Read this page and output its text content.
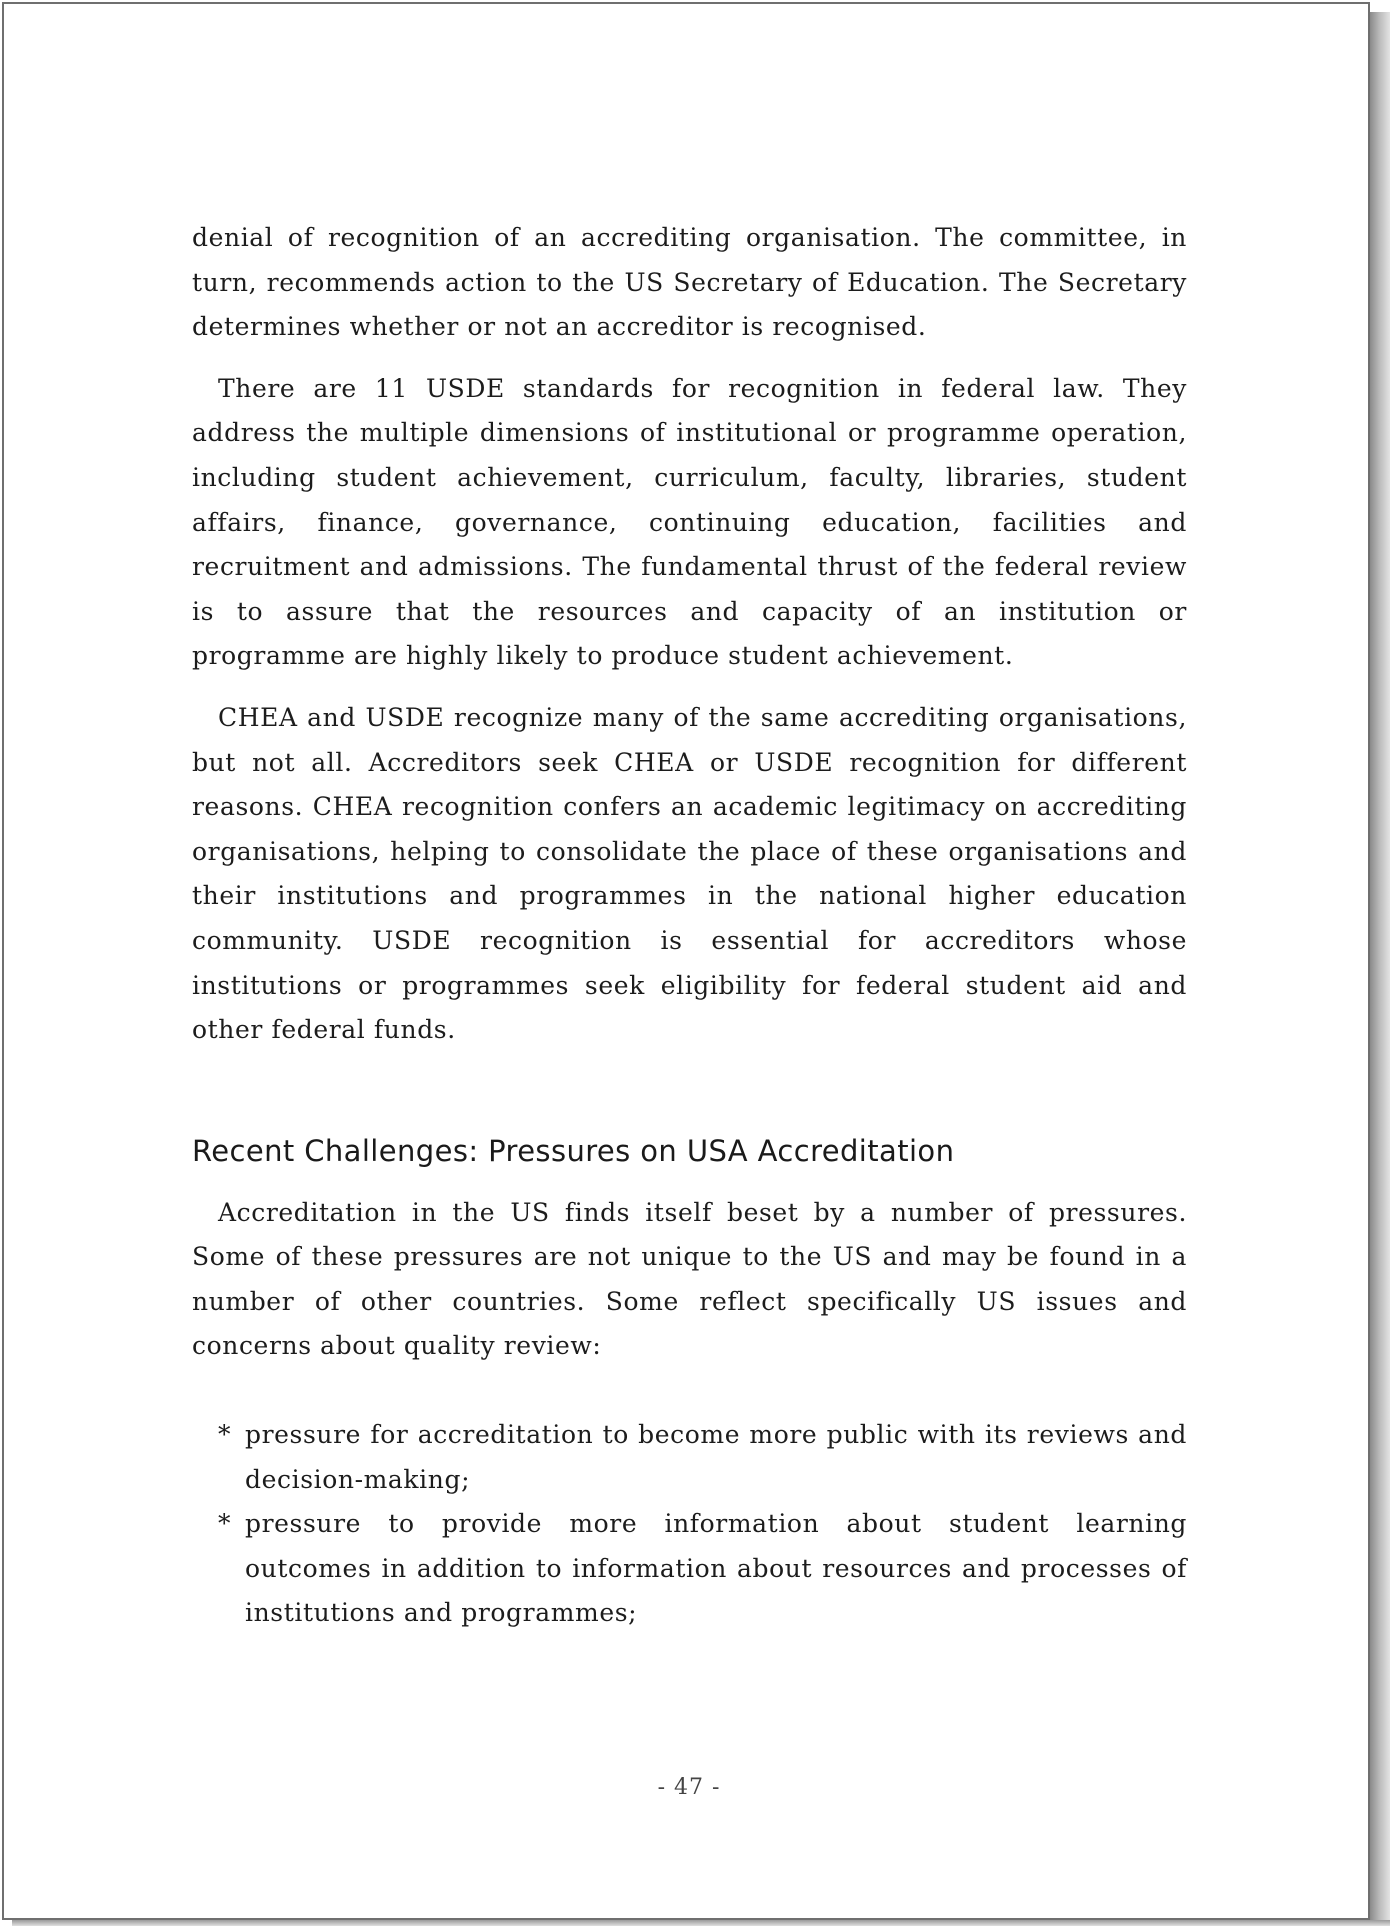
denial of recognition of an accrediting organisation. The committee, in turn, recommends action to the US Secretary of Education. The Secretary determines whether or not an accreditor is recognised.

There are 11 USDE standards for recognition in federal law. They address the multiple dimensions of institutional or programme operation, including student achievement, curriculum, faculty, libraries, student affairs, finance, governance, continuing education, facilities and recruitment and admissions. The fundamental thrust of the federal review is to assure that the resources and capacity of an institution or programme are highly likely to produce student achievement.

CHEA and USDE recognize many of the same accrediting organisations, but not all. Accreditors seek CHEA or USDE recognition for different reasons. CHEA recognition confers an academic legitimacy on accrediting organisations, helping to consolidate the place of these organisations and their institutions and programmes in the national higher education community. USDE recognition is essential for accreditors whose institutions or programmes seek eligibility for federal student aid and other federal funds.

Recent Challenges: Pressures on USA Accreditation

Accreditation in the US finds itself beset by a number of pressures. Some of these pressures are not unique to the US and may be found in a number of other countries. Some reflect specifically US issues and concerns about quality review:

* pressure for accreditation to become more public with its reviews and decision-making;
* pressure to provide more information about student learning outcomes in addition to information about resources and processes of institutions and programmes;
- 47 -
